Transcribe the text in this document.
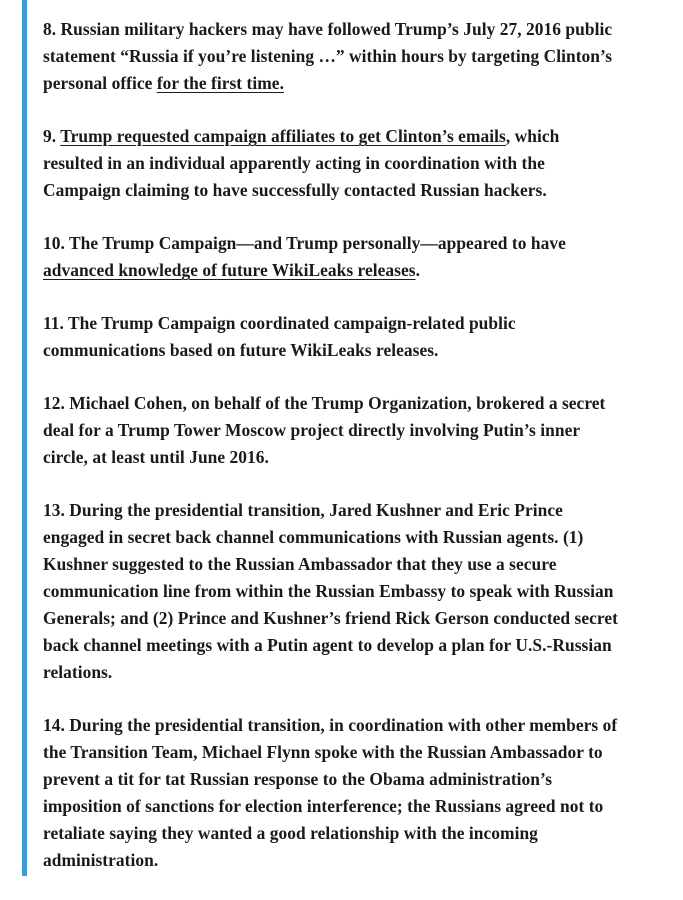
8. Russian military hackers may have followed Trump’s July 27, 2016 public
statement “Russia if you’re listening …” within hours by targeting Clinton’s
personal office for the first time.

9. Trump requested campaign affiliates to get Clinton’s emails, which
resulted in an individual apparently acting in coordination with the
Campaign claiming to have successfully contacted Russian hackers.

10. The Trump Campaign—and Trump personally—appeared to have
advanced knowledge of future WikiLeaks releases.

11. The Trump Campaign coordinated campaign-related public
communications based on future WikiLeaks releases.

12. Michael Cohen, on behalf of the Trump Organization, brokered a secret
deal for a Trump Tower Moscow project directly involving Putin’s inner
circle, at least until June 2016.

13. During the presidential transition, Jared Kushner and Eric Prince
engaged in secret back channel communications with Russian agents. (1)
Kushner suggested to the Russian Ambassador that they use a secure
communication line from within the Russian Embassy to speak with Russian
Generals; and (2) Prince and Kushner’s friend Rick Gerson conducted secret
back channel meetings with a Putin agent to develop a plan for U.S.-Russian
relations.

14. During the presidential transition, in coordination with other members of
the Transition Team, Michael Flynn spoke with the Russian Ambassador to
prevent a tit for tat Russian response to the Obama administration’s
imposition of sanctions for election interference; the Russians agreed not to
retaliate saying they wanted a good relationship with the incoming
administration.
